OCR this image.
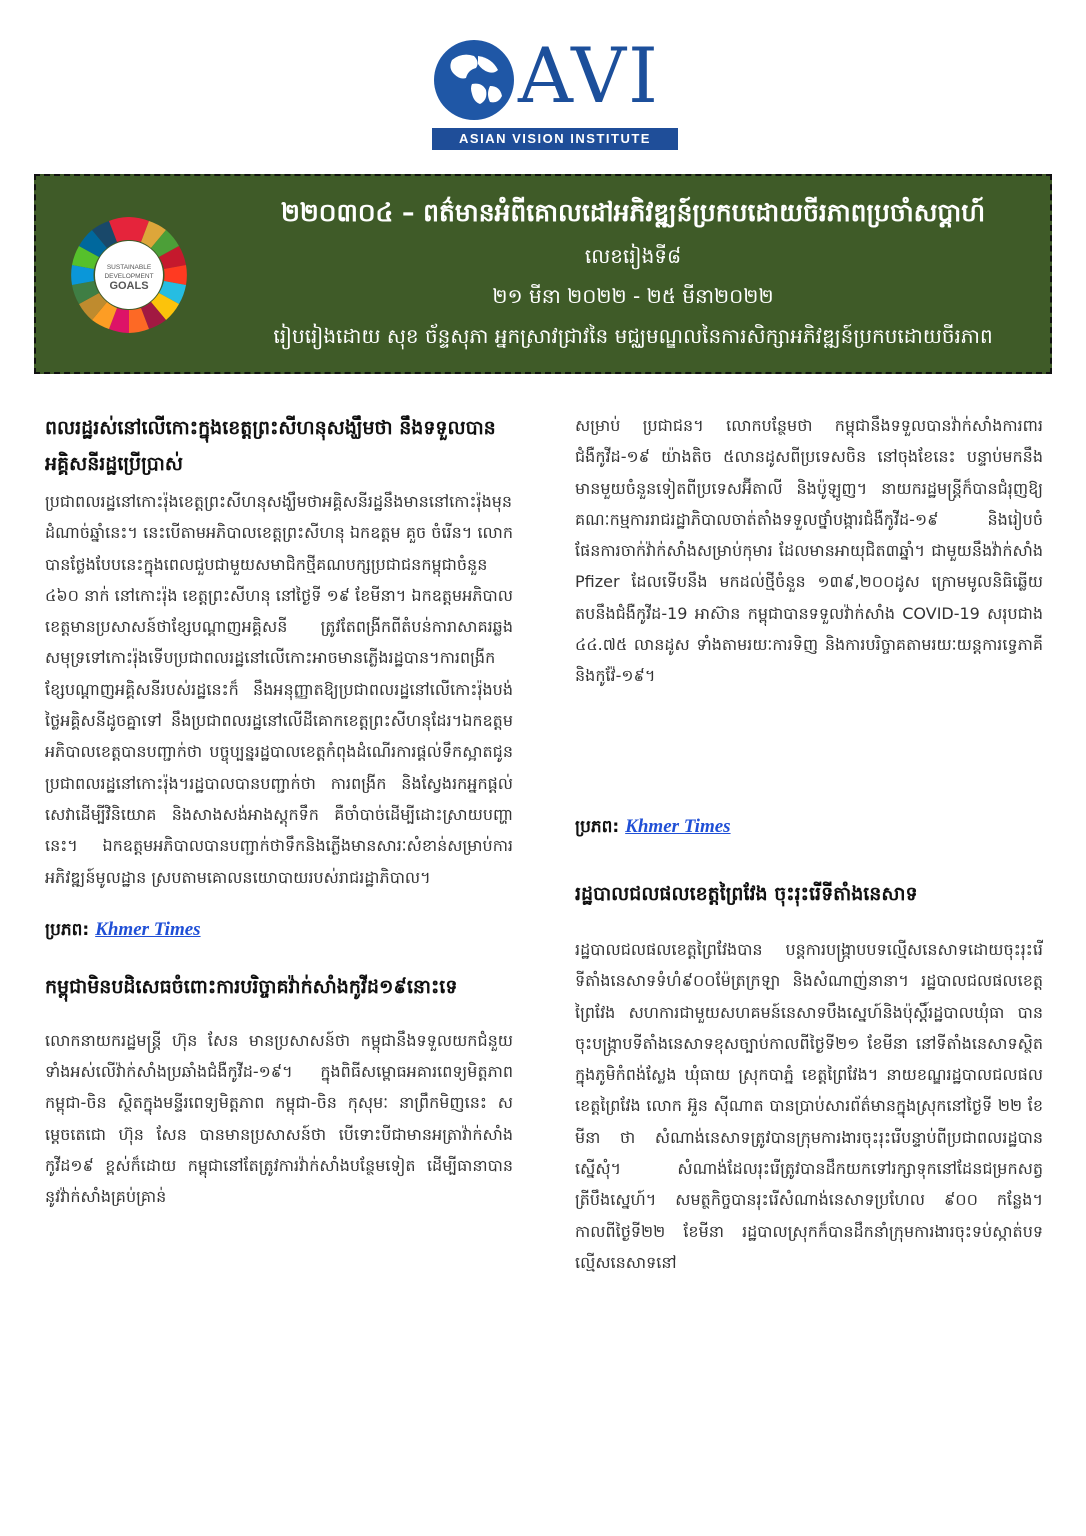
AVI
ASIAN VISION INSTITUTE
SUSTAINABLE
DEVELOPMENT
GOALS
២២០៣០៤ – ពត៌មានអំពីគោលដៅអភិវឌ្ឍន៍ប្រកបដោយចីរភាពប្រចាំសប្តាហ៍
លេខរៀងទី៨
២១ មីនា ២០២២ - ២៥ មីនា២០២២
រៀបរៀងដោយ សុខ ច័ន្ទសុភា អ្នកស្រាវជ្រាវនៃ មជ្ឈមណ្ឌលនៃការសិក្សាអភិវឌ្ឍន៍ប្រកបដោយចីរភាព
ពលរដ្ឋរស់នៅលើកោះក្នុងខេត្តព្រះសីហនុសង្ឃឹមថា នឹងទទួលបាន អគ្គិសនីរដ្ឋប្រើប្រាស់

ប្រជាពលរដ្ឋនៅកោះរ៉ុងខេត្តព្រះសីហនុសង្ឃឹមថាអគ្គិសនីរដ្ឋនឹងមាននៅកោះរ៉ុងមុនដំណាច់ឆ្នាំនេះ។ នេះបើតាមអភិបាលខេត្តព្រះសីហនុ ឯកឧត្តម គួច ចំរើន។ លោកបានថ្លែងបែបនេះក្នុងពេលជួបជាមួយសមាជិកថ្មីគណបក្សប្រជាជនកម្ពុជាចំនួន ៤៦០ នាក់ នៅកោះរ៉ុង ខេត្តព្រះសីហនុ នៅថ្ងៃទី ១៩ ខែមីនា។ ឯកឧត្តមអភិបាលខេត្តមានប្រសាសន៍ថាខ្សែបណ្តាញអគ្គិសនី ត្រូវតែពង្រីកពីតំបន់ការាសាគរឆ្លងសមុទ្រទៅកោះរ៉ុងទើបប្រជាពលរដ្ឋនៅលើកោះអាចមានភ្លើងរដ្ឋបាន។ការពង្រីកខ្សែបណ្តាញអគ្គិសនីរបស់រដ្ឋនេះក៏ នឹងអនុញ្ញាតឱ្យប្រជាពលរដ្ឋនៅលើកោះរ៉ុងបង់ថ្លៃអគ្គិសនីដូចគ្នាទៅ នឹងប្រជាពលរដ្ឋនៅលើដីគោកខេត្តព្រះសីហនុដែរ។ឯកឧត្តមអភិបាលខេត្តបានបញ្ជាក់ថា បច្ចុប្បន្នរដ្ឋបាលខេត្តកំពុងដំណើរការផ្តល់ទឹកស្អាតជូនប្រជាពលរដ្ឋនៅកោះរ៉ុង។រដ្ឋបាលបានបញ្ជាក់ថា ការពង្រីក និងស្វែងរកអ្នកផ្តល់សេវាដើម្បីវិនិយោគ និងសាងសង់អាងស្តុកទឹក គឺចាំបាច់ដើម្បីដោះស្រាយបញ្ហានេះ។ ឯកឧត្តមអភិបាលបានបញ្ជាក់ថាទឹកនិងភ្លើងមានសារៈសំខាន់សម្រាប់ការអភិវឌ្ឍន៍មូលដ្ឋាន ស្របតាមគោលនយោបាយរបស់រាជរដ្ឋាភិបាល។

ប្រភព: Khmer Times
កម្ពុជាមិនបដិសេធចំពោះការបរិច្ចាគវ៉ាក់សាំងកូវីដ១៩នោះទេ

លោកនាយករដ្ឋមន្ត្រី ហ៊ុន សែន មានប្រសាសន៍ថា កម្ពុជានឹងទទួលយកជំនួយទាំងអស់លើវ៉ាក់សាំងប្រឆាំងជំងឺកូវីដ-១៩។ ក្នុងពិធីសម្ពោធអគារពេទ្យមិត្តភាពកម្ពុជា-ចិន ស្ថិតក្នុងមន្ទីរពេទ្យមិត្តភាព កម្ពុជា-ចិន កុសុមៈ នាព្រឹកមិញនេះ សម្តេចតេជោ ហ៊ុន សែន បានមានប្រសាសន៍ថា បើទោះបីជាមានអត្រាវ៉ាក់សាំង កូវីដ១៩ ខ្ពស់ក៏ដោយ កម្ពុជានៅតែត្រូវការវ៉ាក់សាំងបន្ថែមទៀត ដើម្បីធានាបាន នូវវ៉ាក់សាំងគ្រប់គ្រាន់

សម្រាប់ ប្រជាជន។ លោកបន្ថែមថា កម្ពុជានឹងទទួលបានវ៉ាក់សាំងការពារជំងឺកូវីដ-១៩ យ៉ាងតិច ៥លានដូសពីប្រទេសចិន នៅចុងខែនេះ បន្ទាប់មកនឹងមានមួយចំនួនទៀតពីប្រទេសអ៊ីតាលី និងប៉ូឡូញ។ នាយករដ្ឋមន្ត្រីក៏បានជំរុញឱ្យគណៈកម្មការរាជរដ្ឋាភិបាលចាត់តាំងទទួលថ្នាំបង្ការជំងឺកូវីដ-១៩ និងរៀបចំផែនការចាក់វ៉ាក់សាំងសម្រាប់កុមារ ដែលមានអាយុជិត៣ឆ្នាំ។ ជាមួយនឹងវ៉ាក់សាំង Pfizer ដែលទើបនឹង មកដល់ថ្មីចំនួន ១៣៩,២០០ដូស ក្រោមមូលនិធិឆ្លើយតបនឹងជំងឺកូវីដ-19 អាស៊ាន កម្ពុជាបានទទួលវ៉ាក់សាំង COVID-19 សរុបជាង ៤៤.៧៥ លានដូស ទាំងតាមរយៈការទិញ និងការបរិច្ចាគតាមរយៈយន្តការទ្វេភាគី និងកូវ៉ែ-១៩។

ប្រភព: Khmer Times
រដ្ឋបាលជលផលខេត្តព្រៃវែង ចុះរុះរើទីតាំងនេសាទ

រដ្ឋបាលជលផលខេត្តព្រៃវែងបាន បន្តការបង្ក្រាបបទល្មើសនេសាទដោយចុះរុះរើទីតាំងនេសាទទំហំ៩០០ម៉ែត្រក្រឡា និងសំណាញ់នានា។ រដ្ឋបាលជលផលខេត្តព្រៃវែង សហការជាមួយសហគមន៍នេសាទបឹងស្នេហ៍និងប៉ុស្តិ៍រដ្ឋបាលឃុំធា បានចុះបង្ក្រាបទីតាំងនេសាទខុសច្បាប់កាលពីថ្ងៃទី២១ ខែមីនា នៅទីតាំងនេសាទស្ថិតក្នុងភូមិកំពង់ស្លែង ឃុំធាយ ស្រុកបាភ្នំ ខេត្តព្រៃវែង។ នាយខណ្ឌរដ្ឋបាលជលផលខេត្តព្រៃវែង លោក អ៊ួន ស៊ីណាត បានប្រាប់សារព័ត៌មានក្នុងស្រុកនៅថ្ងៃទី ២២ ខែមីនា ថា សំណាង់នេសាទត្រូវបានក្រុមការងារចុះរុះរើបន្ទាប់ពីប្រជាពលរដ្ឋបានស្នើសុំ។ សំណាង់ដែលរុះរើត្រូវបានដឹកយកទៅរក្សាទុកនៅដែនជម្រកសត្វត្រីបឹងស្នេហ៍។ សមត្ថកិច្ចបានរុះរើសំណាង់នេសាទប្រហែល ៩០០ កន្លែង។ កាលពីថ្ងៃទី២២ ខែមីនា រដ្ឋបាលស្រុកក៏បានដឹកនាំក្រុមការងារចុះទប់ស្កាត់បទល្មើសនេសាទនៅ
